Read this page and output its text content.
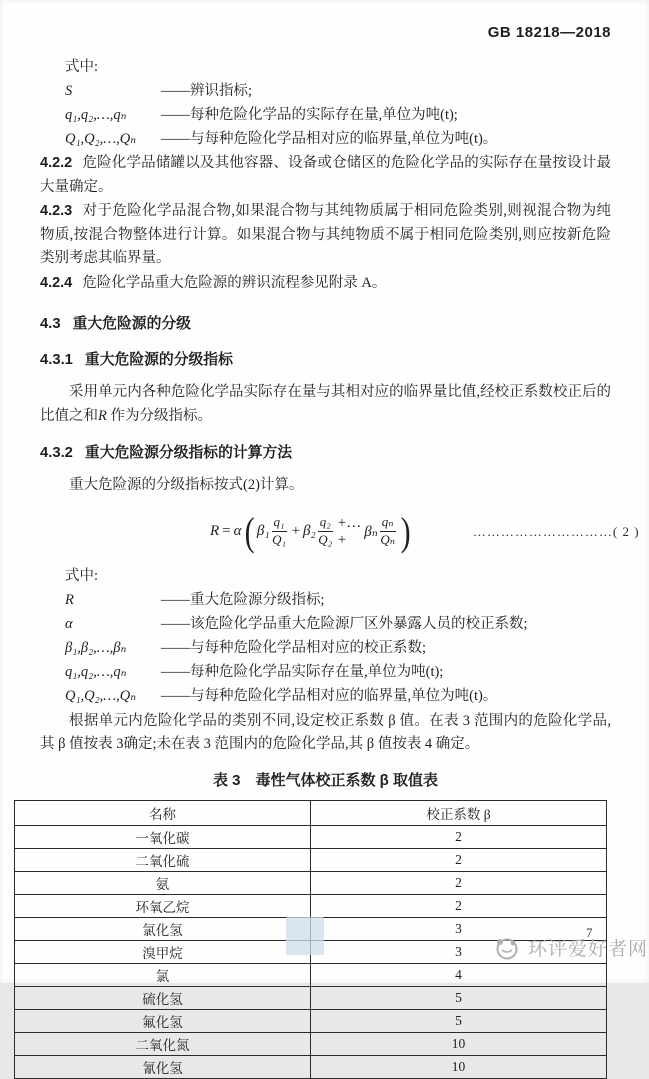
GB 18218—2018
式中:
S	——辨识指标;
q₁,q₂,…,qₙ	——每种危险化学品的实际存在量,单位为吨(t);
Q₁,Q₂,…,Qₙ	——与每种危险化学品相对应的临界量,单位为吨(t)。

4.2.2 危险化学品储罐以及其他容器、设备或仓储区的危险化学品的实际存在量按设计最大量确定。

4.2.3 对于危险化学品混合物,如果混合物与其纯物质属于相同危险类别,则视混合物为纯物质,按混合物整体进行计算。如果混合物与其纯物质不属于相同危险类别,则应按新危险类别考虑其临界量。

4.2.4 危险化学品重大危险源的辨识流程参见附录 A。

4.3 重大危险源的分级
4.3.1 重大危险源的分级指标

采用单元内各种危险化学品实际存在量与其相对应的临界量比值,经校正系数校正后的比值之和R 作为分级指标。

4.3.2 重大危险源分级指标的计算方法

重大危险源的分级指标按式(2)计算。

R = α ( $\beta_1 \frac{\text{q₁}}{\text{Q₁}} + \beta_2 \frac{\text{q₂}}{\text{Q₂}}$ +…+	βₙ $\frac{\text{qₙ}}{\text{Qₙ}}$ )	…………………………( 2 )
式中:
R	——重大危险源分级指标;
α	——该危险化学品重大危险源厂区外暴露人员的校正系数;
β₁,β₂,…,βₙ	——与每种危险化学品相对应的校正系数;
q₁,q₂,…,qₙ	——每种危险化学品实际存在量,单位为吨(t);
Q₁,Q₂,…,Qₙ	——与每种危险化学品相对应的临界量,单位为吨(t)。

根据单元内危险化学品的类别不同,设定校正系数 β 值。在表 3 范围内的危险化学品,其 β 值按表 3确定;未在表 3 范围内的危险化学品,其 β 值按表 4 确定。

表 3　毒性气体校正系数 β 取值表
名称	校正系数 β
一氧化碳	2
二氧化硫	2
氨	2
环氧乙烷	2
氯化氢	3
溴甲烷	3
氯	4
硫化氢	5
氟化氢	5
二氧化氮	10
氰化氢	10
7
环评爱好者网
